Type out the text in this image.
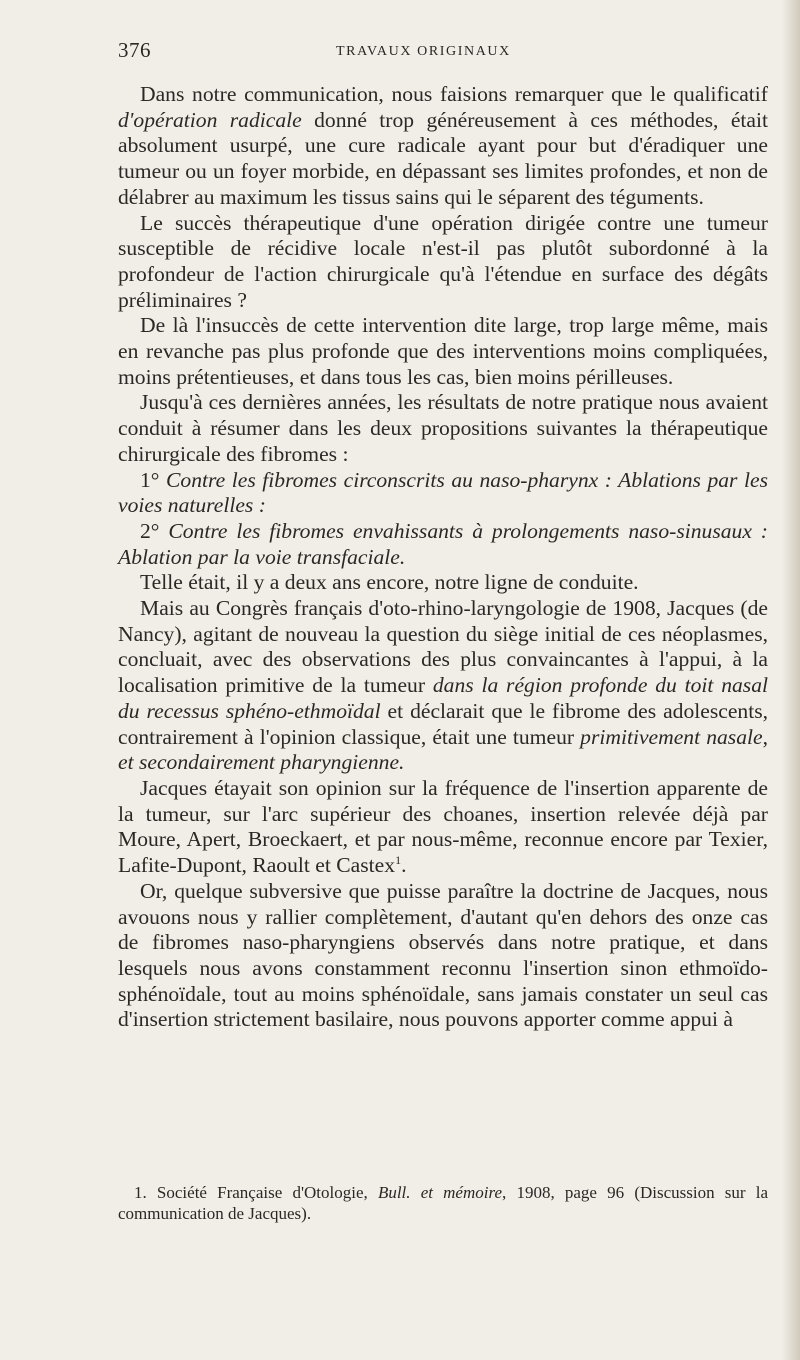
376	TRAVAUX ORIGINAUX

Dans notre communication, nous faisions remarquer que le qualificatif d'opération radicale donné trop généreusement à ces méthodes, était absolument usurpé, une cure radicale ayant pour but d'éradiquer une tumeur ou un foyer morbide, en dépassant ses limites profondes, et non de délabrer au maximum les tissus sains qui le séparent des téguments.

Le succès thérapeutique d'une opération dirigée contre une tumeur susceptible de récidive locale n'est-il pas plutôt subordonné à la profondeur de l'action chirurgicale qu'à l'étendue en surface des dégâts préliminaires ?

De là l'insuccès de cette intervention dite large, trop large même, mais en revanche pas plus profonde que des interventions moins compliquées, moins prétentieuses, et dans tous les cas, bien moins périlleuses.

Jusqu'à ces dernières années, les résultats de notre pratique nous avaient conduit à résumer dans les deux propositions suivantes la thérapeutique chirurgicale des fibromes :

1° Contre les fibromes circonscrits au naso-pharynx : Ablations par les voies naturelles :

2° Contre les fibromes envahissants à prolongements naso-sinusaux : Ablation par la voie transfaciale.

Telle était, il y a deux ans encore, notre ligne de conduite.

Mais au Congrès français d'oto-rhino-laryngologie de 1908, Jacques (de Nancy), agitant de nouveau la question du siège initial de ces néoplasmes, concluait, avec des observations des plus convaincantes à l'appui, à la localisation primitive de la tumeur dans la région profonde du toit nasal du recessus sphéno-ethmoïdal et déclarait que le fibrome des adolescents, contrairement à l'opinion classique, était une tumeur primitivement nasale, et secondairement pharyngienne.

Jacques étayait son opinion sur la fréquence de l'insertion apparente de la tumeur, sur l'arc supérieur des choanes, insertion relevée déjà par Moure, Apert, Broeckaert, et par nous-même, reconnue encore par Texier, Lafite-Dupont, Raoult et Castex$^1$.

Or, quelque subversive que puisse paraître la doctrine de Jacques, nous avouons nous y rallier complètement, d'autant qu'en dehors des onze cas de fibromes naso-pharyngiens observés dans notre pratique, et dans lesquels nous avons constamment reconnu l'insertion sinon ethmoïdo-sphénoïdale, tout au moins sphénoïdale, sans jamais constater un seul cas d'insertion strictement basilaire, nous pouvons apporter comme appui à

1. Société Française d'Otologie, Bull. et mémoire, 1908, page 96 (Discussion sur la communication de Jacques).
